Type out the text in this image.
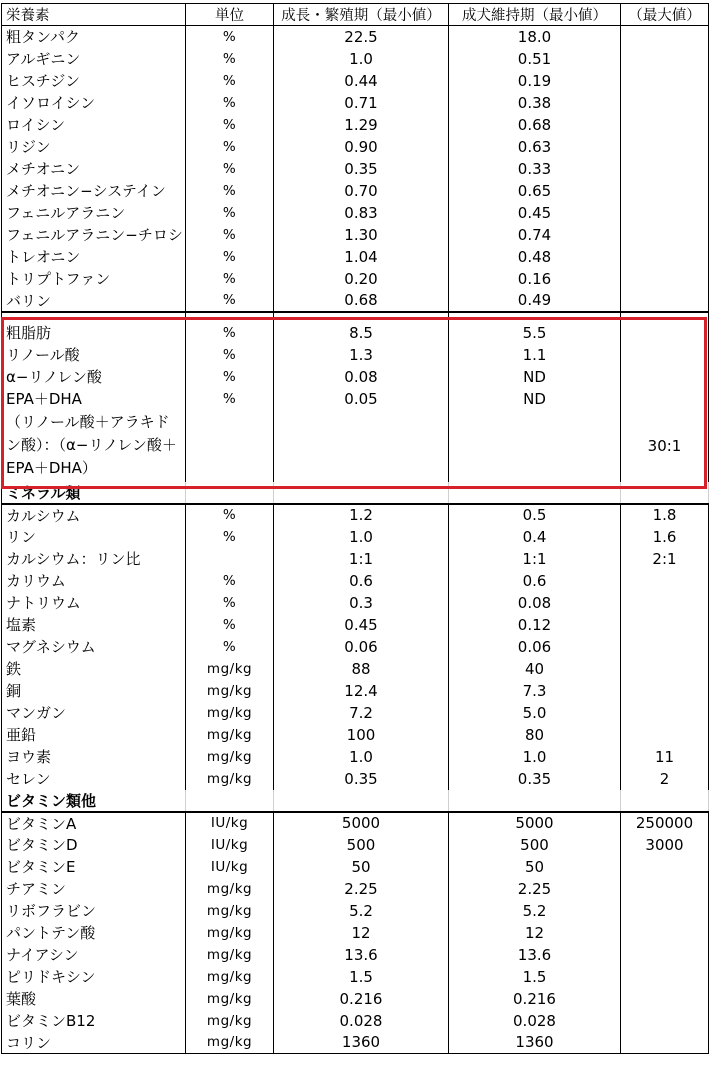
栄養素	単位	成長・繁殖期（最小値）	成犬維持期（最小値）	（最大値）
粗タンパク	%	22.5	18.0	
アルギニン	%	1.0	0.51	
ヒスチジン	%	0.44	0.19	
イソロイシン	%	0.71	0.38	
ロイシン	%	1.29	0.68	
リジン	%	0.90	0.63	
メチオニン	%	0.35	0.33	
メチオニン−システイン	%	0.70	0.65	
フェニルアラニン	%	0.83	0.45	
フェニルアラニン−チロシ	%	1.30	0.74	
トレオニン	%	1.04	0.48	
トリプトファン	%	0.20	0.16	
バリン	%	0.68	0.49	

粗脂肪	%	8.5	5.5	
リノール酸	%	1.3	1.1	
α−リノレン酸	%	0.08	ND	
EPA＋DHA	%	0.05	ND	
（リノール酸＋アラキドン酸）：（α−リノレン酸＋EPA＋DHA）				30:1
ミネラル類				
カルシウム	%	1.2	0.5	1.8
リン	%	1.0	0.4	1.6
カルシウム：リン比		1:1	1:1	2:1
カリウム	%	0.6	0.6	
ナトリウム	%	0.3	0.08	
塩素	%	0.45	0.12	
マグネシウム	%	0.06	0.06	
鉄	mg/kg	88	40	
銅	mg/kg	12.4	7.3	
マンガン	mg/kg	7.2	5.0	
亜鉛	mg/kg	100	80	
ヨウ素	mg/kg	1.0	1.0	11
セレン	mg/kg	0.35	0.35	2
ビタミン類他				
ビタミンA	IU/kg	5000	5000	250000
ビタミンD	IU/kg	500	500	3000
ビタミンE	IU/kg	50	50	
チアミン	mg/kg	2.25	2.25	
リボフラビン	mg/kg	5.2	5.2	
パントテン酸	mg/kg	12	12	
ナイアシン	mg/kg	13.6	13.6	
ピリドキシン	mg/kg	1.5	1.5	
葉酸	mg/kg	0.216	0.216	
ビタミンB12	mg/kg	0.028	0.028	
コリン	mg/kg	1360	1360	
